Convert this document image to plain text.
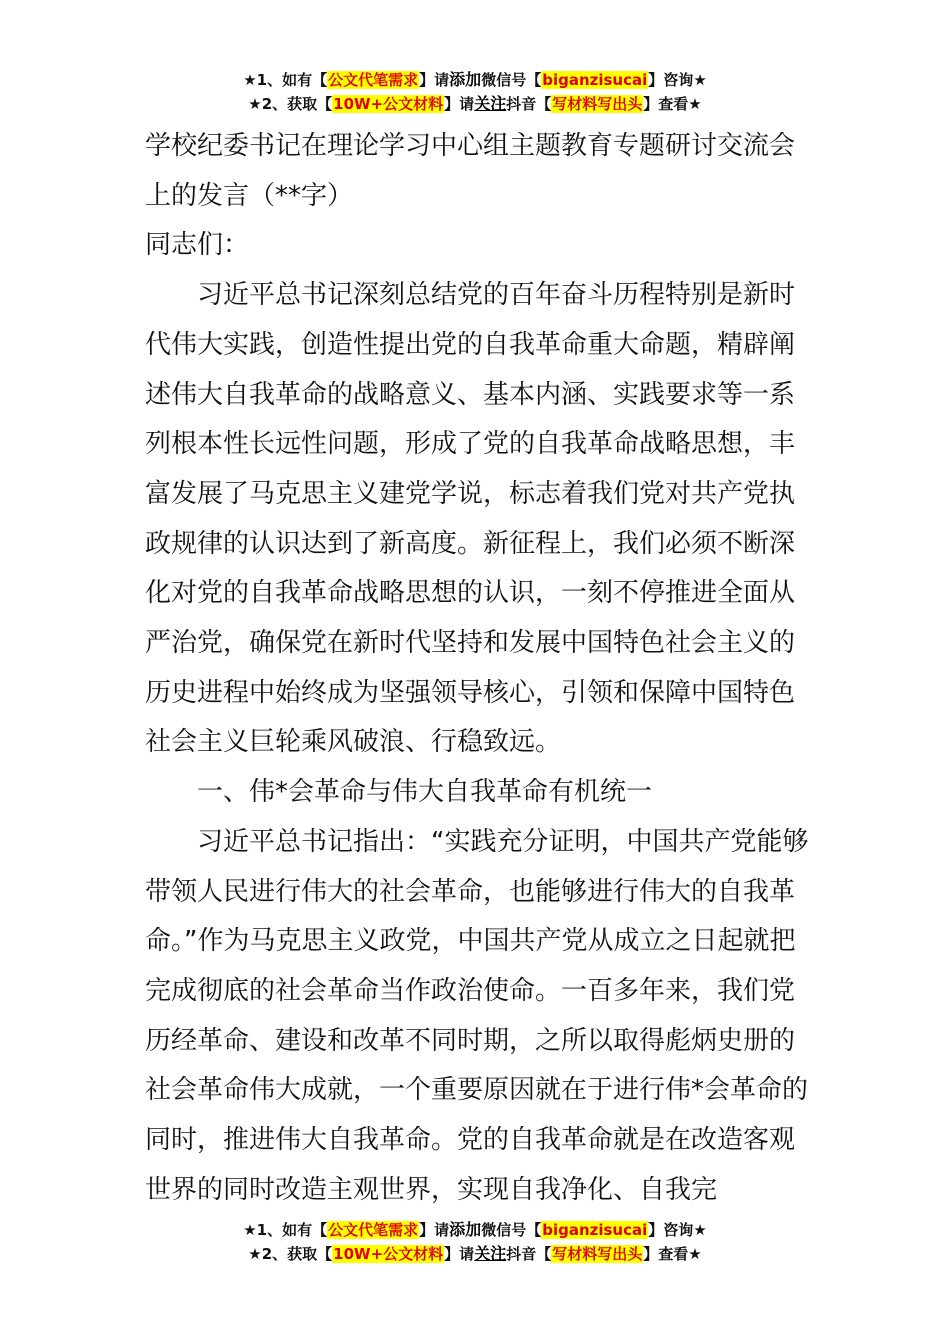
★1、如有【公文代笔需求】请添加微信号【biganzisucai】咨询★
★2、获取【10W+公文材料】请关注抖音【写材料写出头】查看★

学校纪委书记在理论学习中心组主题教育专题研讨交流会上的发言（**字）

同志们：

习近平总书记深刻总结党的百年奋斗历程特别是新时代伟大实践，创造性提出党的自我革命重大命题，精辟阐述伟大自我革命的战略意义、基本内涵、实践要求等一系列根本性长远性问题，形成了党的自我革命战略思想，丰富发展了马克思主义建党学说，标志着我们党对共产党执政规律的认识达到了新高度。新征程上，我们必须不断深化对党的自我革命战略思想的认识，一刻不停推进全面从严治党，确保党在新时代坚持和发展中国特色社会主义的历史进程中始终成为坚强领导核心，引领和保障中国特色社会主义巨轮乘风破浪、行稳致远。

一、伟*会革命与伟大自我革命有机统一

习近平总书记指出：“实践充分证明，中国共产党能够带领人民进行伟大的社会革命，也能够进行伟大的自我革命。”作为马克思主义政党，中国共产党从成立之日起就把完成彻底的社会革命当作政治使命。一百多年来，我们党历经革命、建设和改革不同时期，之所以取得彪炳史册的社会革命伟大成就，一个重要原因就在于进行伟*会革命的同时，推进伟大自我革命。党的自我革命就是在改造客观世界的同时改造主观世界，实现自我净化、自我完

★1、如有【公文代笔需求】请添加微信号【biganzisucai】咨询★
★2、获取【10W+公文材料】请关注抖音【写材料写出头】查看★
